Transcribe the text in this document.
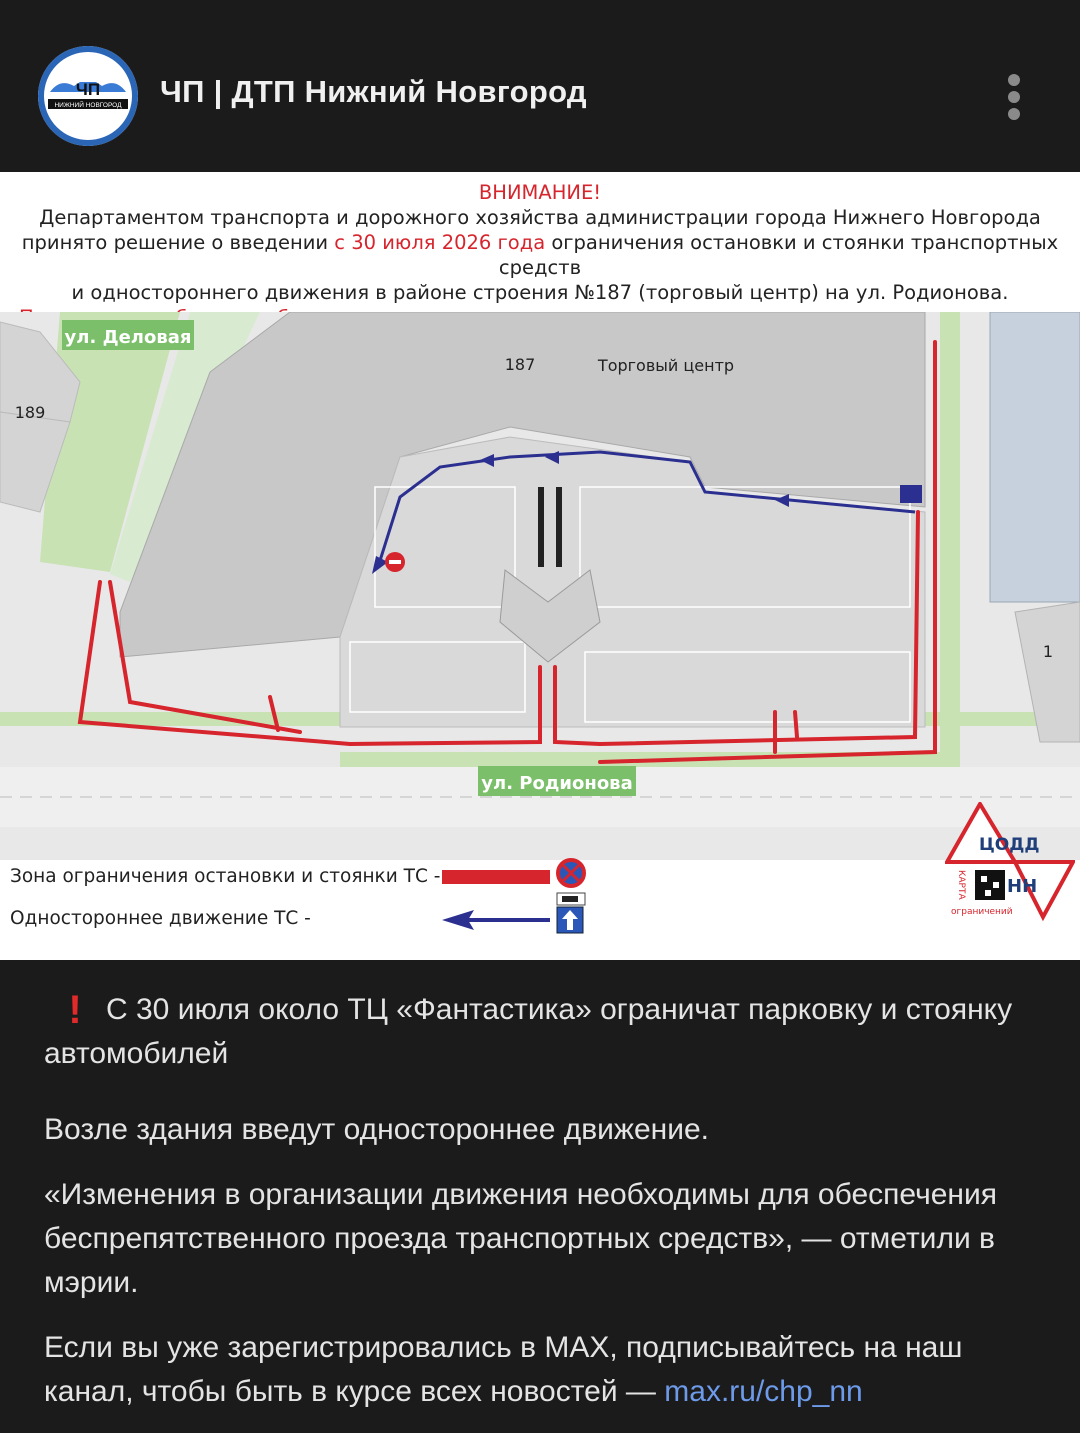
ЧП
НИЖНИЙ НОВГОРОД ЧП | ДТП Нижний Новгород
ВНИМАНИЕ!
Департаментом транспорта и дорожного хозяйства администрации города Нижнего Новгорода
принято решение о введении с 30 июля 2026 года ограничения остановки и стоянки транспортных средств
и одностороннего движения в районе строения №187 (торговый центр) на ул. Родионова.
ул. Деловая
ул. Родионова
187	Торговый центр
189
1
Зона ограничения остановки и стоянки ТС -
Одностороннее движение ТС -
ЦОДД
НН
КАРТА
ограничений
! С 30 июля около ТЦ «Фантастика» ограничат парковку и стоянку автомобилей
Возле здания введут одностороннее движение.
«Изменения в организации движения необходимы для обеспечения беспрепятственного проезда транспортных средств», — отметили в мэрии.
Если вы уже зарегистрировались в MAX, подписывайтесь на наш канал, чтобы быть в курсе всех новостей — max.ru/chp_nn
